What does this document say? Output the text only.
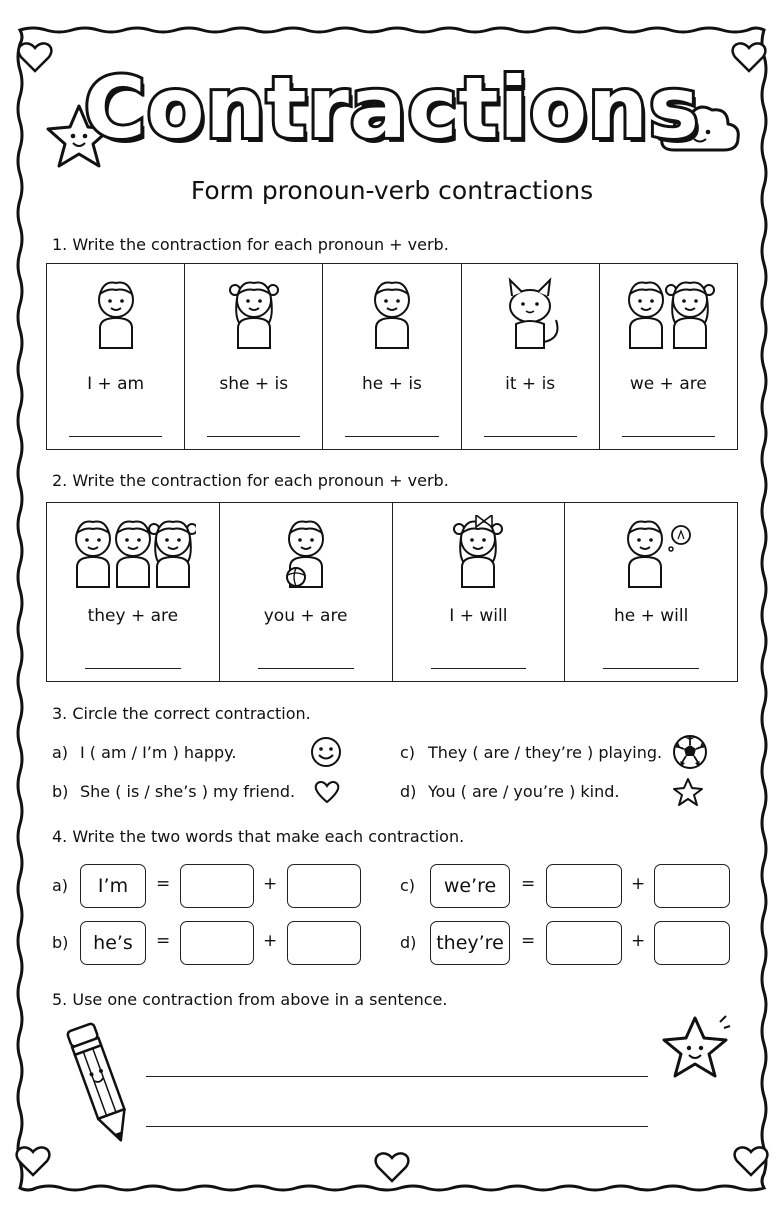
Contractions
Form pronoun-verb contractions
1. Write the contraction for each pronoun + verb.
I + am	she + is	he + is	it + is	we + are
2. Write the contraction for each pronoun + verb.
they + are	you + are	I + will	he + will
3. Circle the correct contraction.
a) I ( am / I’m ) happy.
b) She ( is / she’s ) my friend.
c) They ( are / they’re ) playing.
d) You ( are / you’re ) kind.
4. Write the two words that make each contraction.
a)	I’m	=	+
b)	he’s	=	+
c)	we’re	=	+
d)	they’re	=	+
5. Use one contraction from above in a sentence.
